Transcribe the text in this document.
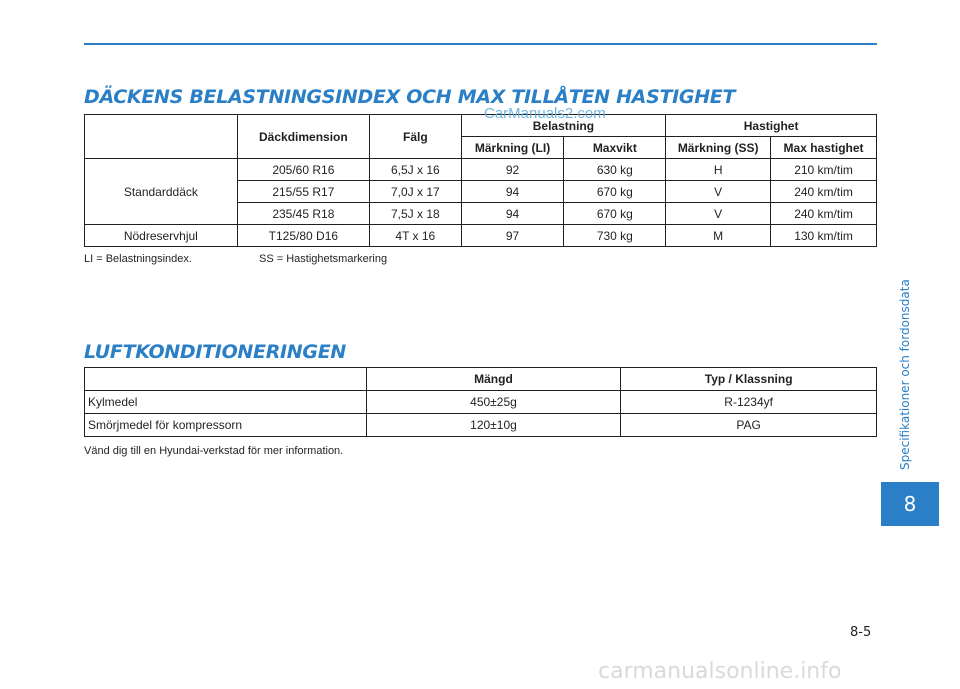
DÄCKENS BELASTNINGSINDEX OCH MAX TILLÅTEN HASTIGHET
	Däckdimension	Fälg	Belastning		Hastighet	
			Märkning (LI)	Maxvikt	Märkning (SS)	Max hastighet
Standarddäck	205/60 R16	6,5J x 16	92	630 kg	H	210 km/tim
	215/55 R17	7,0J x 17	94	670 kg	V	240 km/tim
	235/45 R18	7,5J x 18	94	670 kg	V	240 km/tim
Nödreservhjul	T125/80 D16	4T x 16	97	730 kg	M	130 km/tim
CarManuals2.com
LI = Belastningsindex.	SS = Hastighetsmarkering
LUFTKONDITIONERINGEN
	Mängd	Typ / Klassning
Kylmedel	450±25g	R-1234yf
Smörjmedel för kompressorn	120±10g	PAG
Vänd dig till en Hyundai-verkstad för mer information.	Specifikationer och fordonsdata
8
8-5
carmanualsonline.info
